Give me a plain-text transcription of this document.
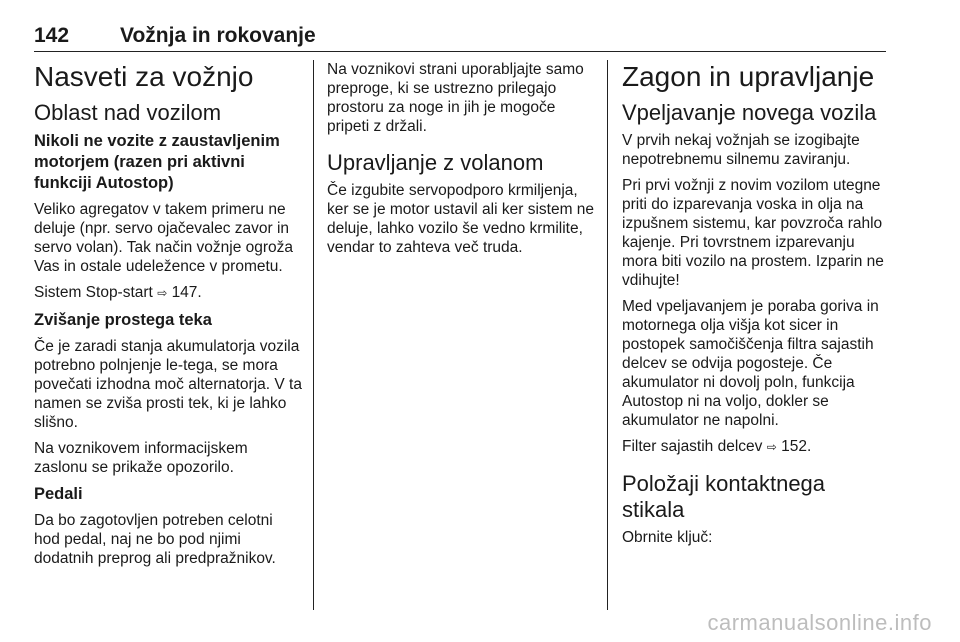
142 Vožnja in rokovanje
Nasveti za vožnjo
Oblast nad vozilom
Nikoli ne vozite z zaustavljenim motorjem (razen pri aktivni funkciji Autostop)
Veliko agregatov v takem primeru ne deluje (npr. servo ojačevalec zavor in servo volan). Tak način vožnje ogroža Vas in ostale udeležence v prometu.
Sistem Stop-start ⇨ 147.
Zvišanje prostega teka
Če je zaradi stanja akumulatorja vozila potrebno polnjenje le-tega, se mora povečati izhodna moč alternatorja. V ta namen se zviša prosti tek, ki je lahko slišno.
Na voznikovem informacijskem zaslonu se prikaže opozorilo.
Pedali
Da bo zagotovljen potreben celotni hod pedal, naj ne bo pod njimi dodatnih preprog ali predpražnikov.
Na voznikovi strani uporabljajte samo preproge, ki se ustrezno prilegajo prostoru za noge in jih je mogoče pripeti z držali.
Upravljanje z volanom
Če izgubite servopodporo krmiljenja, ker se je motor ustavil ali ker sistem ne deluje, lahko vozilo še vedno krmilite, vendar to zahteva več truda.
Zagon in upravljanje
Vpeljavanje novega vozila
V prvih nekaj vožnjah se izogibajte nepotrebnemu silnemu zaviranju.
Pri prvi vožnji z novim vozilom utegne priti do izparevanja voska in olja na izpušnem sistemu, kar povzroča rahlo kajenje. Pri tovrstnem izparevanju mora biti vozilo na prostem. Izparin ne vdihujte!
Med vpeljavanjem je poraba goriva in motornega olja višja kot sicer in postopek samočiščenja filtra sajastih delcev se odvija pogosteje. Če akumulator ni dovolj poln, funkcija Autostop ni na voljo, dokler se akumulator ne napolni.
Filter sajastih delcev ⇨ 152.
Položaji kontaktnega stikala
Obrnite ključ:
carmanualsonline.info
